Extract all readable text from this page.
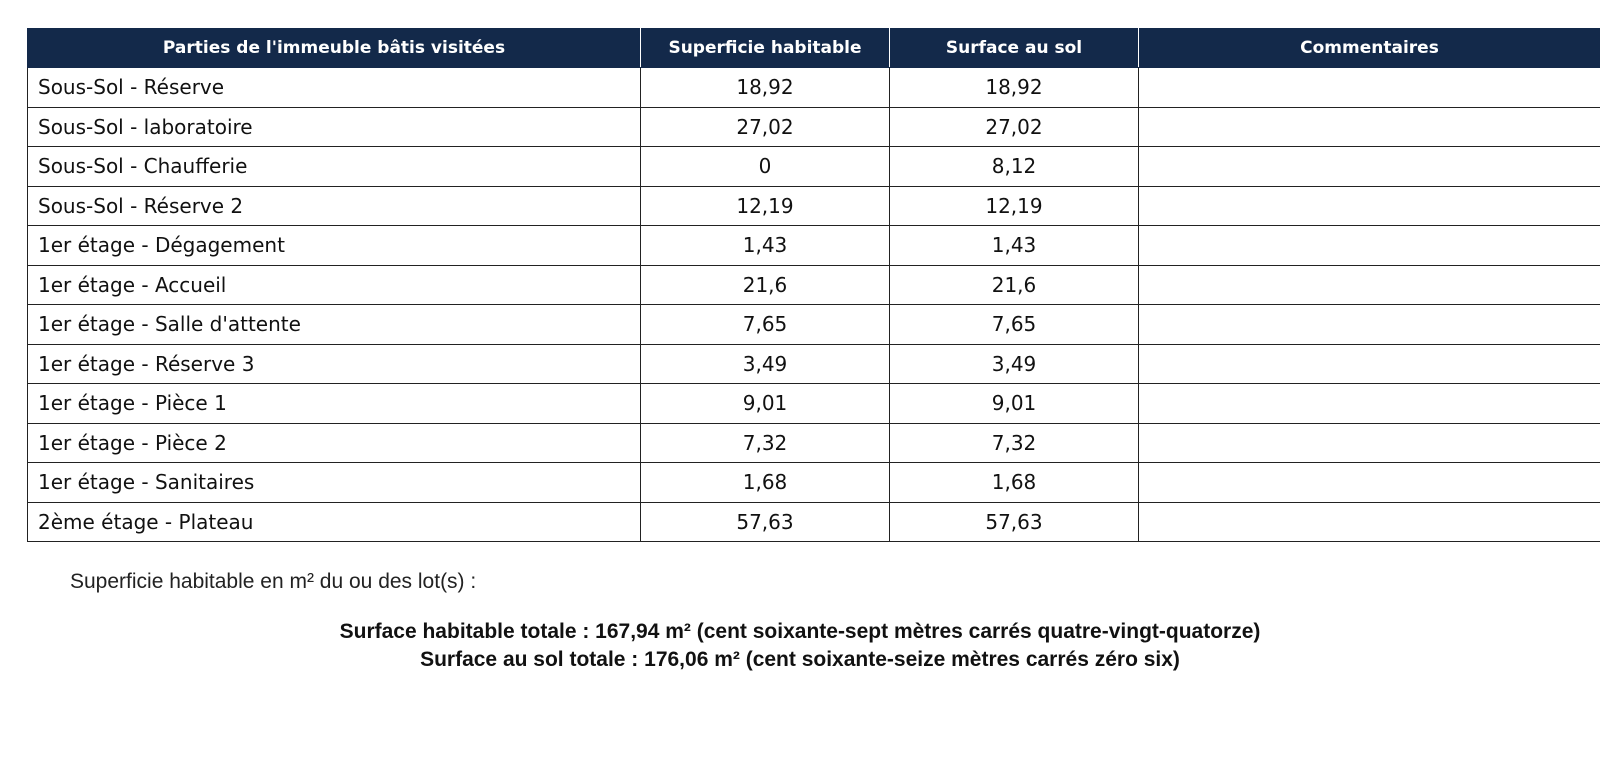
Parties de l'immeuble bâtis visitées	Superficie habitable	Surface au sol	Commentaires
Sous-Sol - Réserve	18,92	18,92	
Sous-Sol - laboratoire	27,02	27,02	
Sous-Sol - Chaufferie	0	8,12	
Sous-Sol - Réserve 2	12,19	12,19	
1er étage - Dégagement	1,43	1,43	
1er étage - Accueil	21,6	21,6	
1er étage - Salle d'attente	7,65	7,65	
1er étage - Réserve 3	3,49	3,49	
1er étage - Pièce 1	9,01	9,01	
1er étage - Pièce 2	7,32	7,32	
1er étage - Sanitaires	1,68	1,68	
2ème étage - Plateau	57,63	57,63	
Superficie habitable en m² du ou des lot(s) :
Surface habitable totale : 167,94 m² (cent soixante-sept mètres carrés quatre-vingt-quatorze)
Surface au sol totale : 176,06 m² (cent soixante-seize mètres carrés zéro six)
